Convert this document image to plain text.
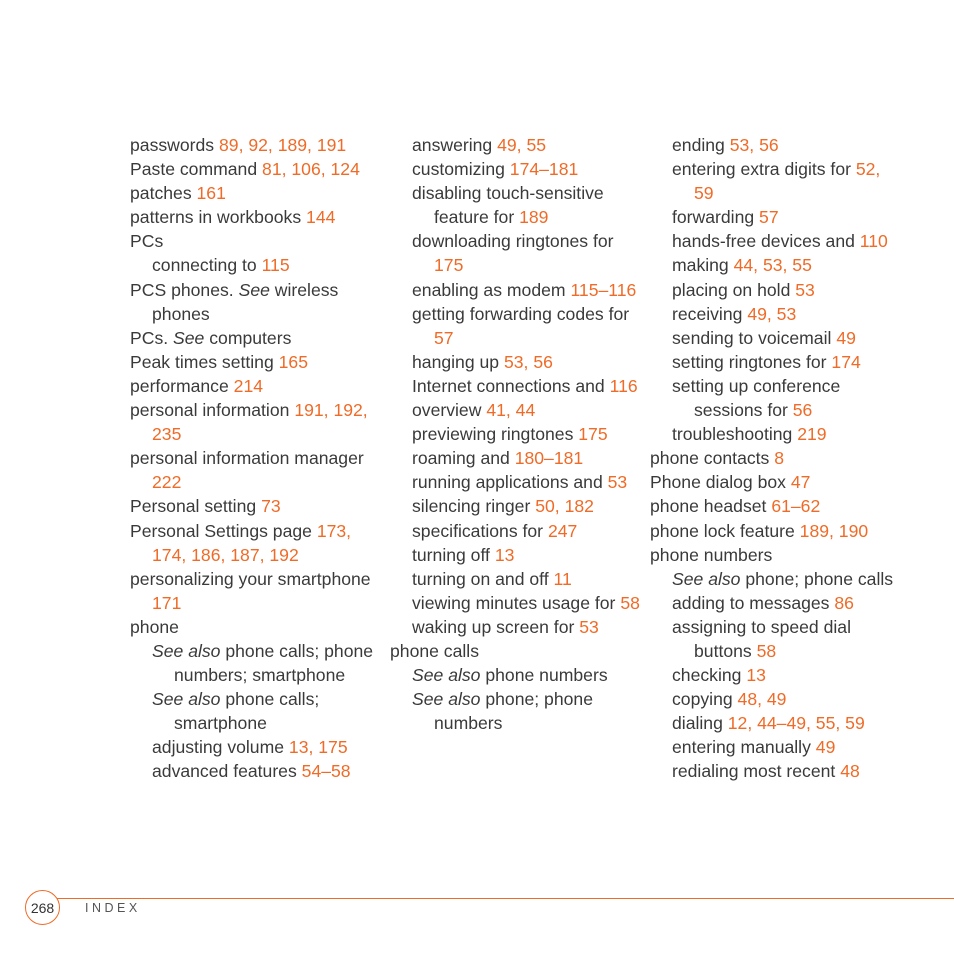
passwords 89, 92, 189, 191
Paste command 81, 106, 124
patches 161
patterns in workbooks 144
PCs
connecting to 115
PCS phones. See wireless phones
PCs. See computers
Peak times setting 165
performance 214
personal information 191, 192, 235
personal information manager 222
Personal setting 73
Personal Settings page 173, 174, 186, 187, 192
personalizing your smartphone 171
phone
See also phone calls; phone numbers; smartphone
See also phone calls; smartphone
adjusting volume 13, 175
advanced features 54–58
answering 49, 55
customizing 174–181
disabling touch-sensitive feature for 189
downloading ringtones for 175
enabling as modem 115–116
getting forwarding codes for 57
hanging up 53, 56
Internet connections and 116
overview 41, 44
previewing ringtones 175
roaming and 180–181
running applications and 53
silencing ringer 50, 182
specifications for 247
turning off 13
turning on and off 11
viewing minutes usage for 58
waking up screen for 53
phone calls
See also phone numbers
See also phone; phone numbers
ending 53, 56
entering extra digits for 52, 59
forwarding 57
hands-free devices and 110
making 44, 53, 55
placing on hold 53
receiving 49, 53
sending to voicemail 49
setting ringtones for 174
setting up conference sessions for 56
troubleshooting 219
phone contacts 8
Phone dialog box 47
phone headset 61–62
phone lock feature 189, 190
phone numbers
See also phone; phone calls
adding to messages 86
assigning to speed dial buttons 58
checking 13
copying 48, 49
dialing 12, 44–49, 55, 59
entering manually 49
redialing most recent 48
268	INDEX
